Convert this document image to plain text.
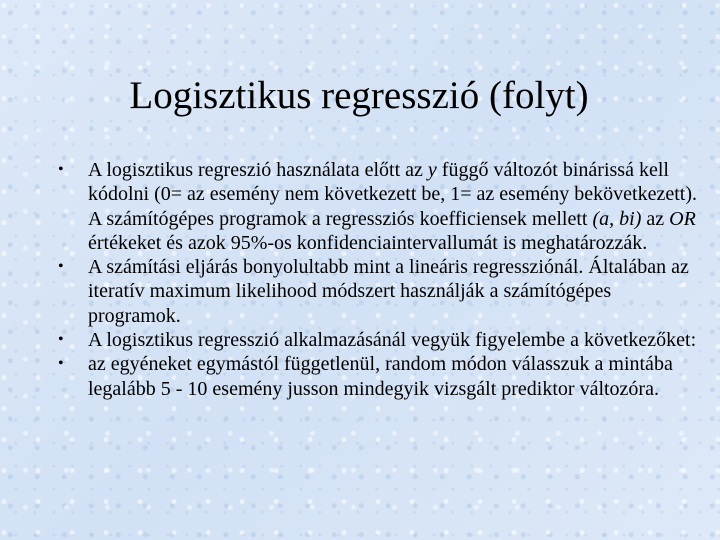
Logisztikus regresszió (folyt)
• A logisztikus regreszió használata előtt az y függő változót binárissá kell kódolni (0= az esemény nem következett be, 1= az esemény bekövetkezett). A számítógépes programok a regressziós koefficiensek mellett (a, bi) az OR értékeket és azok 95%-os konfidenciaintervallumát is meghatározzák.
• A számítási eljárás bonyolultabb mint a lineáris regressziónál. Általában az iteratív maximum likelihood módszert használják a számítógépes programok.
• A logisztikus regresszió alkalmazásánál vegyük figyelembe a következőket:
• az egyéneket egymástól függetlenül, random módon válasszuk a mintába legalább 5 - 10 esemény jusson mindegyik vizsgált prediktor változóra.
